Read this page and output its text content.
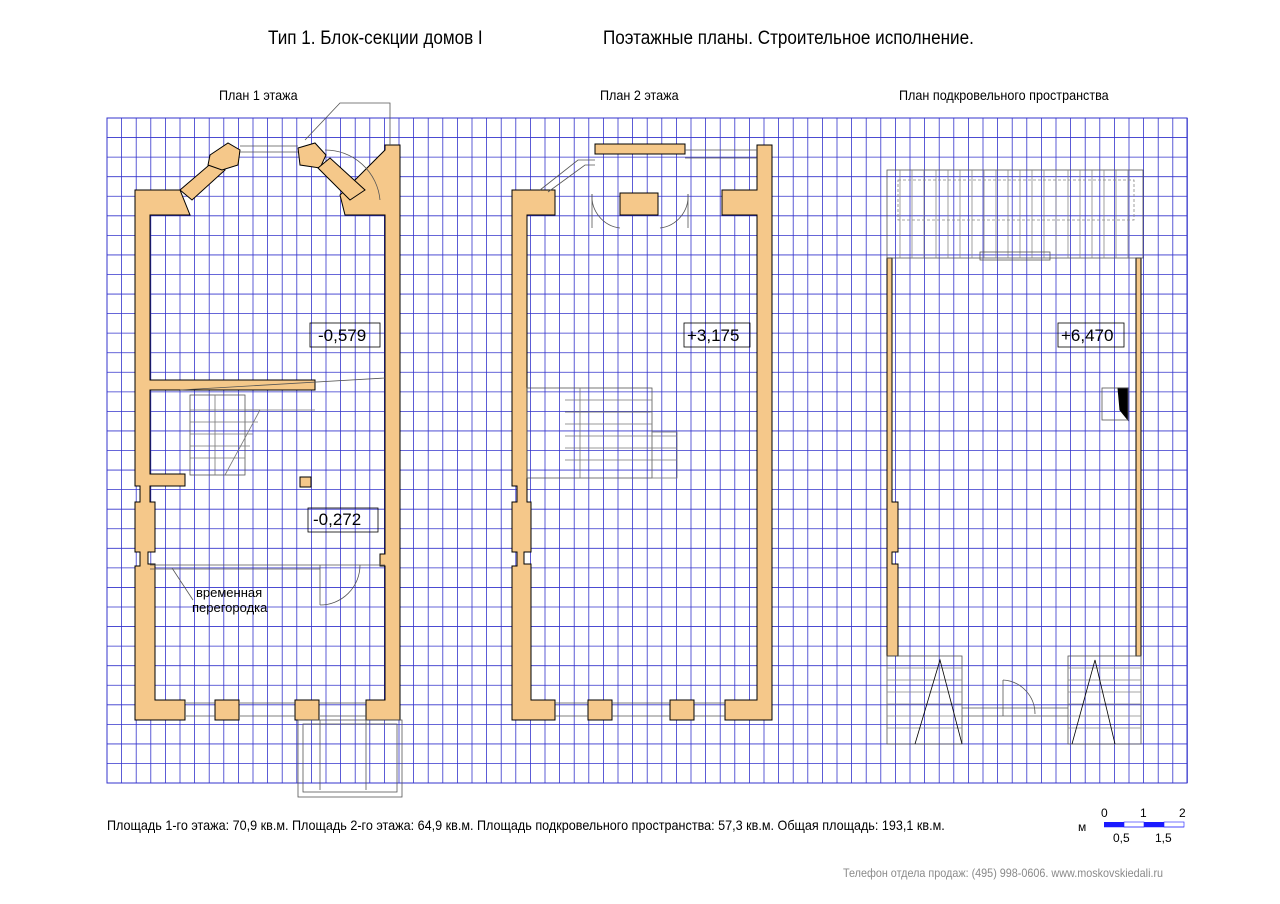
Тип 1. Блок-секции домов I	Поэтажные планы. Строительное исполнение.
План 1 этажа	План 2 этажа	План подкровельного пространства
-0,579
-0,272
временная
перегородка
+3,175	+6,470
м
0	1	2
0,5 1,5
Площадь 1-го этажа: 70,9 кв.м. Площадь 2-го этажа: 64,9 кв.м. Площадь подкровельного пространства: 57,3 кв.м. Общая площадь: 193,1 кв.м.
Телефон отдела продаж: (495) 998-0606. www.moskovskiedali.ru
